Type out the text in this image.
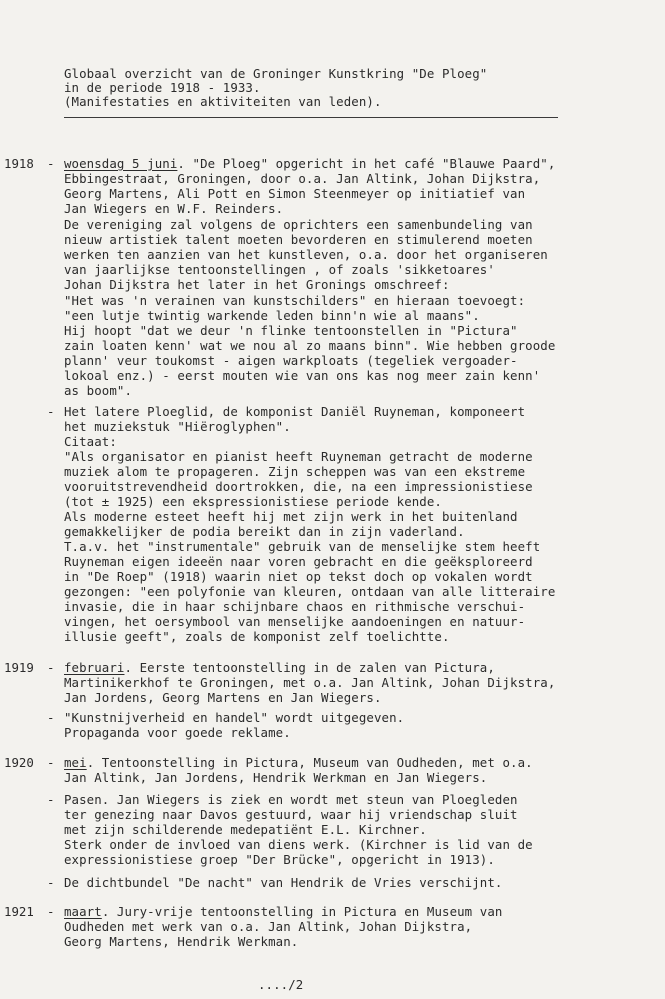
Globaal overzicht van de Groninger Kunstkring "De Ploeg"
in de periode 1918 - 1933.
(Manifestaties en aktiviteiten van leden).
1918 - woensdag 5 juni. "De Ploeg" opgericht in het café "Blauwe Paard",
Ebbingestraat, Groningen, door o.a. Jan Altink, Johan Dijkstra,
Georg Martens, Ali Pott en Simon Steenmeyer op initiatief van
Jan Wiegers en W.F. Reinders.
De vereniging zal volgens de oprichters een samenbundeling van
nieuw artistiek talent moeten bevorderen en stimulerend moeten
werken ten aanzien van het kunstleven, o.a. door het organiseren
van jaarlijkse tentoonstellingen , of zoals 'sikketoares'
Johan Dijkstra het later in het Gronings omschreef:
"Het was 'n verainen van kunstschilders" en hieraan toevoegt:
"een lutje twintig warkende leden binn'n wie al maans".
Hij hoopt "dat we deur 'n flinke tentoonstellen in "Pictura"
zain loaten kenn' wat we nou al zo maans binn". Wie hebben groode
plann' veur toukomst - aigen warkploats (tegeliek vergoader-
lokoal enz.) - eerst mouten wie van ons kas nog meer zain kenn'
as boom".
- Het latere Ploeglid, de komponist Daniël Ruyneman, komponeert
het muziekstuk "Hiëroglyphen".
Citaat:
"Als organisator en pianist heeft Ruyneman getracht de moderne
muziek alom te propageren. Zijn scheppen was van een ekstreme
vooruitstrevendheid doortrokken, die, na een impressionistiese
(tot ± 1925) een ekspressionistiese periode kende.
Als moderne esteet heeft hij met zijn werk in het buitenland
gemakkelijker de podia bereikt dan in zijn vaderland.
T.a.v. het "instrumentale" gebruik van de menselijke stem heeft
Ruyneman eigen ideeën naar voren gebracht en die geëksploreerd
in "De Roep" (1918) waarin niet op tekst doch op vokalen wordt
gezongen: "een polyfonie van kleuren, ontdaan van alle litteraire
invasie, die in haar schijnbare chaos en rithmische verschui-
vingen, het oersymbool van menselijke aandoeningen en natuur-
illusie geeft", zoals de komponist zelf toelichtte.
1919 - februari. Eerste tentoonstelling in de zalen van Pictura,
Martinikerkhof te Groningen, met o.a. Jan Altink, Johan Dijkstra,
Jan Jordens, Georg Martens en Jan Wiegers.
- "Kunstnijverheid en handel" wordt uitgegeven.
Propaganda voor goede reklame.
1920 - mei. Tentoonstelling in Pictura, Museum van Oudheden, met o.a.
Jan Altink, Jan Jordens, Hendrik Werkman en Jan Wiegers.
- Pasen. Jan Wiegers is ziek en wordt met steun van Ploegleden
ter genezing naar Davos gestuurd, waar hij vriendschap sluit
met zijn schilderende medepatiënt E.L. Kirchner.
Sterk onder de invloed van diens werk. (Kirchner is lid van de
expressionistiese groep "Der Brücke", opgericht in 1913).
- De dichtbundel "De nacht" van Hendrik de Vries verschijnt.
1921 - maart. Jury-vrije tentoonstelling in Pictura en Museum van
Oudheden met werk van o.a. Jan Altink, Johan Dijkstra,
Georg Martens, Hendrik Werkman.
..../2
